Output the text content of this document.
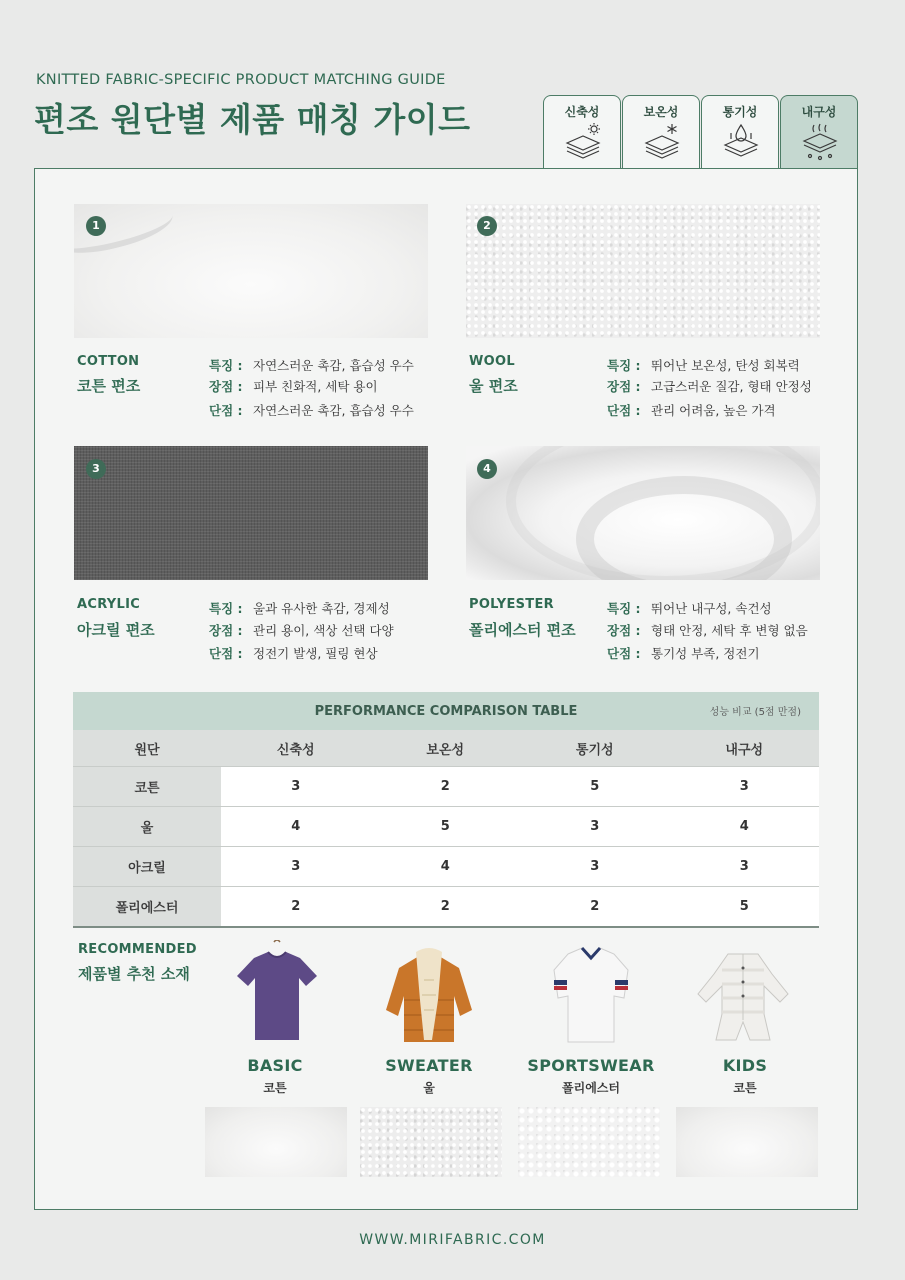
KNITTED FABRIC-SPECIFIC PRODUCT MATCHING GUIDE
편조 원단별 제품 매칭 가이드	신축성	보온성	통기성	내구성
1
COTTON
코튼 편조
특징 : 자연스러운 촉감, 흡습성 우수
장점 : 피부 친화적, 세탁 용이
단점 : 자연스러운 촉감, 흡습성 우수
2
WOOL
울 편조
특징 : 뛰어난 보온성, 탄성 회복력
장점 : 고급스러운 질감, 형태 안정성
단점 : 관리 어려움, 높은 가격
3
ACRYLIC
아크릴 편조
특징 : 울과 유사한 촉감, 경제성
장점 : 관리 용이, 색상 선택 다양
단점 : 정전기 발생, 필링 현상
4
POLYESTER
폴리에스터 편조
특징 : 뛰어난 내구성, 속건성
장점 : 형태 안정, 세탁 후 변형 없음
단점 : 통기성 부족, 정전기
PERFORMANCE COMPARISON TABLE 성능 비교 (5점 만점)				

원단	신축성	보온성	통기성	내구성
코튼	3	2	5	3
울	4	5	3	4
아크릴	3	4	3	3
폴리에스터	2	2	2	5
RECOMMENDED
제품별 추천 소재
BASIC
코튼
SWEATER
울
SPORTSWEAR
폴리에스터
KIDS
코튼
WWW.MIRIFABRIC.COM
